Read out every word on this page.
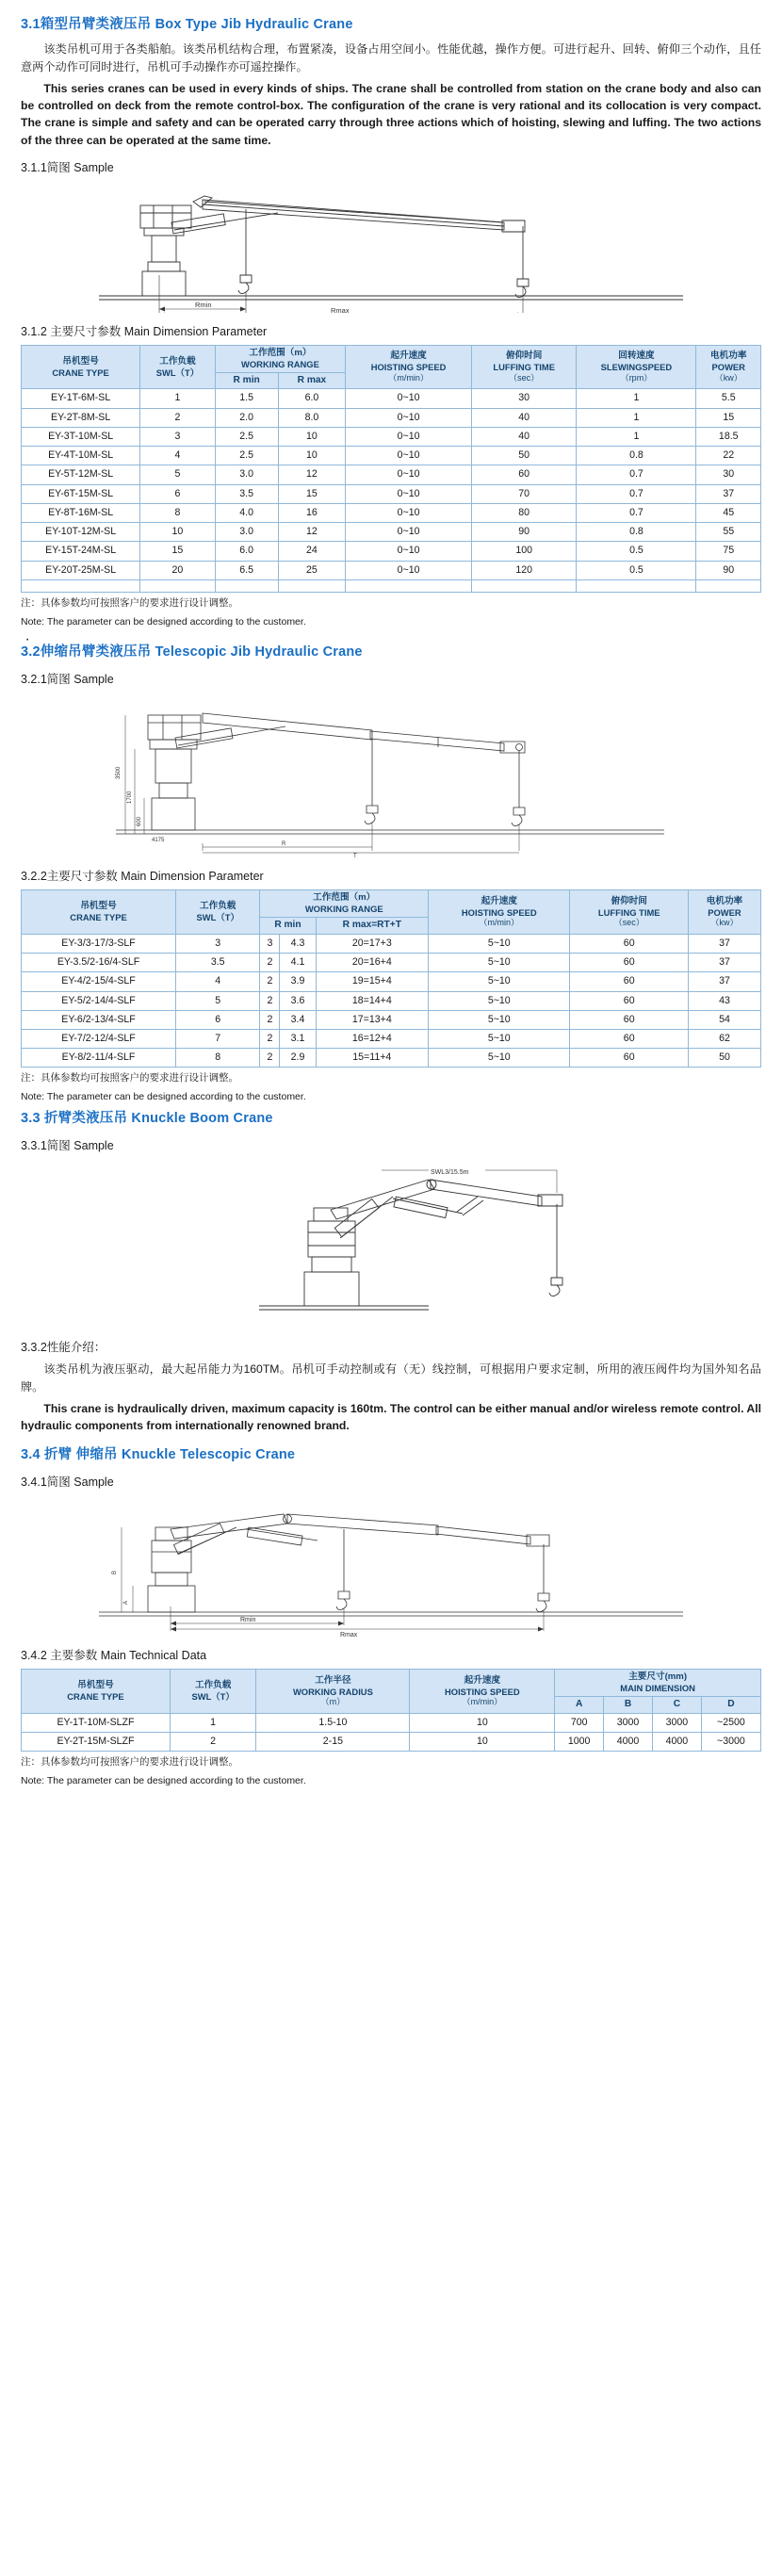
3.1箱型吊臂类液压吊 Box Type Jib Hydraulic Crane

该类吊机可用于各类船舶。该类吊机结构合理，布置紧凑，设备占用空间小。性能优越，操作方便。可进行起升、回转、俯仰三个动作，且任意两个动作可同时进行，吊机可手动操作亦可遥控操作。

This series cranes can be used in every kinds of ships. The crane shall be controlled from station on the crane body and also can be controlled on deck from the remote control-box. The configuration of the crane is very rational and its collocation is very compact. The crane is simple and safety and can be operated carry through three actions which of hoisting, slewing and luffing. The two actions of the three can be operated at the same time.

3.1.1简图 Sample
Rmin
Rmax
3.1.2 主要尺寸参数 Main Dimension Parameter
吊机型号
CRANE TYPE	工作负载
SWL（T）	工作范围（m）
WORKING RANGE		起升速度
HOISTING SPEED
（m/min）	俯仰时间
LUFFING TIME
（sec）	回转速度
SLEWINGSPEED
（rpm）	电机功率
POWER
（kw）

		R min	R max				
EY-1T-6M-SL	1	1.5	6.0	0~10	30	1	5.5
EY-2T-8M-SL	2	2.0	8.0	0~10	40	1	15
EY-3T-10M-SL	3	2.5	10	0~10	40	1	18.5
EY-4T-10M-SL	4	2.5	10	0~10	50	0.8	22
EY-5T-12M-SL	5	3.0	12	0~10	60	0.7	30
EY-6T-15M-SL	6	3.5	15	0~10	70	0.7	37
EY-8T-16M-SL	8	4.0	16	0~10	80	0.7	45
EY-10T-12M-SL	10	3.0	12	0~10	90	0.8	55
EY-15T-24M-SL	15	6.0	24	0~10	100	0.5	75
EY-20T-25M-SL	20	6.5	25	0~10	120	0.5	90

注：具体参数均可按照客户的要求进行设计调整。

Note: The parameter can be designed according to the customer.

·
3.2伸缩吊臂类液压吊 Telescopic Jib Hydraulic Crane
3.2.1简图 Sample
3500
1700
600
4175
R
T
3.2.2主要尺寸参数 Main Dimension Parameter
吊机型号
CRANE TYPE	工作负载
SWL（T）	工作范围（m）
WORKING RANGE			起升速度
HOISTING SPEED
（m/min）	俯仰时间
LUFFING TIME
（sec）	电机功率
POWER
（kw）

		R min		R max=RT+T			
EY-3/3-17/3-SLF	3	3	4.3	20=17+3	5~10	60	37
EY-3.5/2-16/4-SLF	3.5	2	4.1	20=16+4	5~10	60	37
EY-4/2-15/4-SLF	4	2	3.9	19=15+4	5~10	60	37
EY-5/2-14/4-SLF	5	2	3.6	18=14+4	5~10	60	43
EY-6/2-13/4-SLF	6	2	3.4	17=13+4	5~10	60	54
EY-7/2-12/4-SLF	7	2	3.1	16=12+4	5~10	60	62
EY-8/2-11/4-SLF	8	2	2.9	15=11+4	5~10	60	50

注：具体参数均可按照客户的要求进行设计调整。

Note: The parameter can be designed according to the customer.

3.3 折臂类液压吊 Knuckle Boom Crane
3.3.1简图 Sample
SWL3/15.5m
3.3.2性能介绍：

该类吊机为液压驱动，最大起吊能力为160TM。吊机可手动控制或有（无）线控制，可根据用户要求定制，所用的液压阀件均为国外知名品牌。

This crane is hydraulically driven, maximum capacity is 160tm. The control can be either manual and/or wireless remote control. All hydraulic components from internationally renowned brand.

3.4 折臂 伸缩吊 Knuckle Telescopic Crane
3.4.1简图 Sample
B
A
Rmin
Rmax
3.4.2 主要参数 Main Technical Data
吊机型号
CRANE TYPE	工作负载
SWL（T）	工作半径
WORKING RADIUS
（m）	起升速度
HOISTING SPEED
（m/min）	主要尺寸(mm)
MAIN DIMENSION			

				A	B	C	D
EY-1T-10M-SLZF	1	1.5-10	10	700	3000	3000	~2500
EY-2T-15M-SLZF	2	2-15	10	1000	4000	4000	~3000

注：具体参数均可按照客户的要求进行设计调整。

Note: The parameter can be designed according to the customer.
